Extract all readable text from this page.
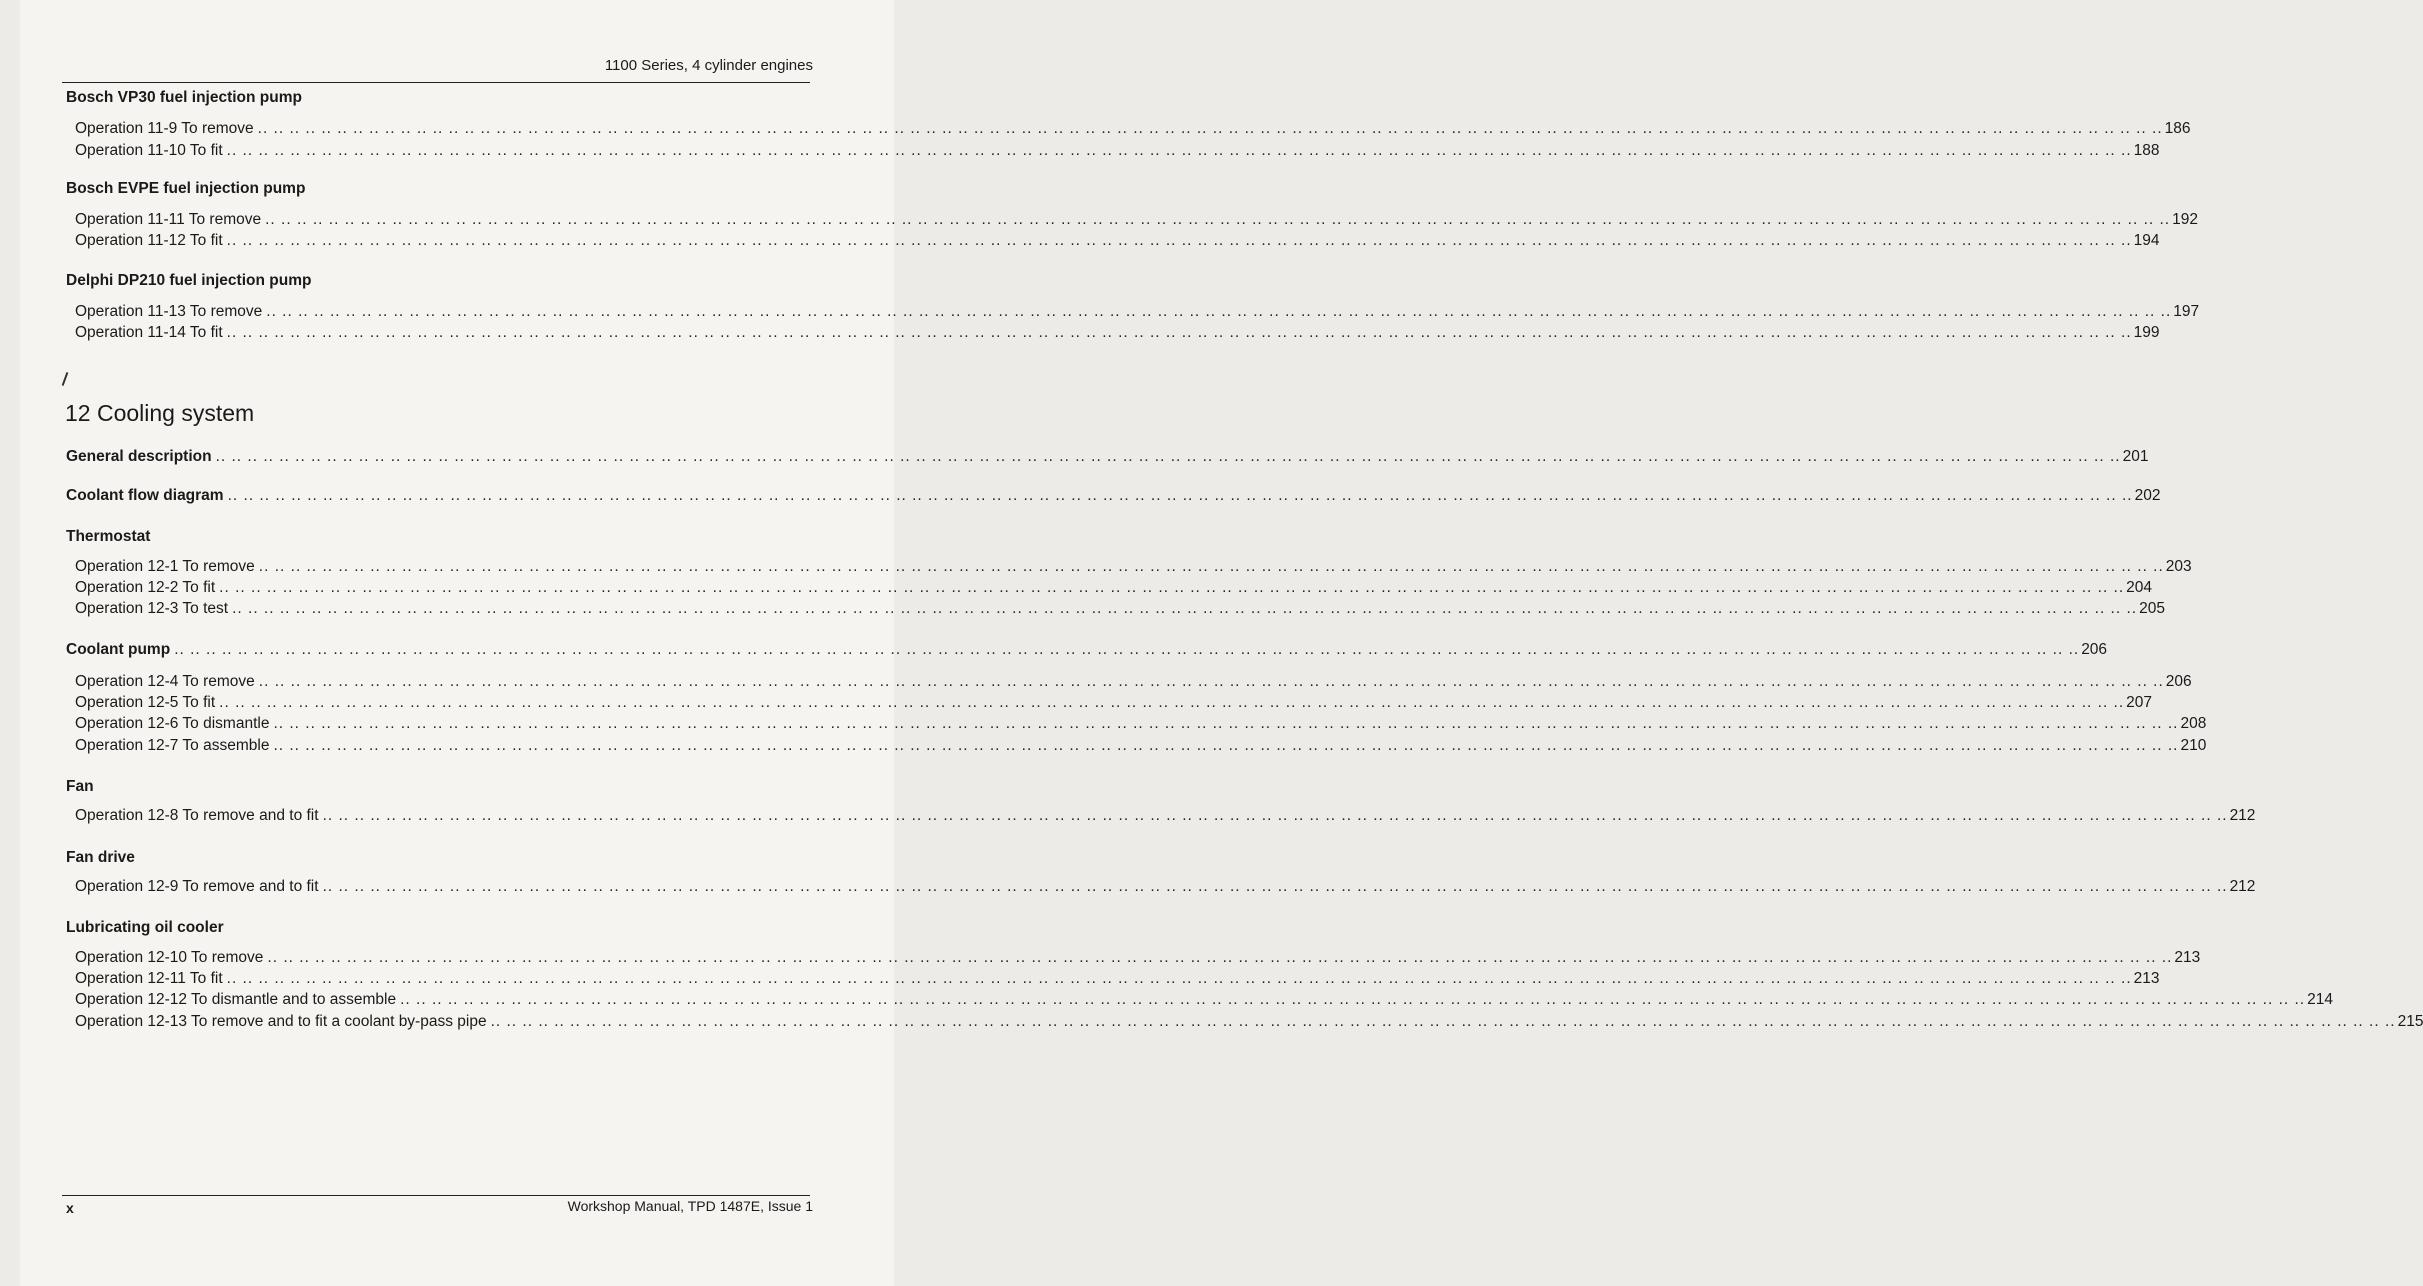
1100 Series, 4 cylinder engines
Bosch VP30 fuel injection pump
Operation 11-9 To remove .. .. .. .. .. .. .. .. .. .. .. .. .. .. .. .. .. .. .. .. .. .. .. .. .. .. .. .. .. .. .. .. .. .. .. .. .. .. .. .. .. .. .. .. .. .. .. .. .. .. .. .. .. .. .. .. .. .. .. .. .. .. .. .. .. .. .. .. .. .. .. .. .. .. .. .. .. .. .. .. .. .. .. .. .. .. .. .. .. .. .. .. .. .. .. .. .. .. .. .. .. .. .. .. .. .. .. .. .. .. .. .. .. .. .. .. .. .. .. .. 186
Operation 11-10 To fit .. .. .. .. .. .. .. .. .. .. .. .. .. .. .. .. .. .. .. .. .. .. .. .. .. .. .. .. .. .. .. .. .. .. .. .. .. .. .. .. .. .. .. .. .. .. .. .. .. .. .. .. .. .. .. .. .. .. .. .. .. .. .. .. .. .. .. .. .. .. .. .. .. .. .. .. .. .. .. .. .. .. .. .. .. .. .. .. .. .. .. .. .. .. .. .. .. .. .. .. .. .. .. .. .. .. .. .. .. .. .. .. .. .. .. .. .. .. .. .. 188
Bosch EVPE fuel injection pump
Operation 11-11 To remove .. .. .. .. .. .. .. .. .. .. .. .. .. .. .. .. .. .. .. .. .. .. .. .. .. .. .. .. .. .. .. .. .. .. .. .. .. .. .. .. .. .. .. .. .. .. .. .. .. .. .. .. .. .. .. .. .. .. .. .. .. .. .. .. .. .. .. .. .. .. .. .. .. .. .. .. .. .. .. .. .. .. .. .. .. .. .. .. .. .. .. .. .. .. .. .. .. .. .. .. .. .. .. .. .. .. .. .. .. .. .. .. .. .. .. .. .. .. .. .. 192
Operation 11-12 To fit .. .. .. .. .. .. .. .. .. .. .. .. .. .. .. .. .. .. .. .. .. .. .. .. .. .. .. .. .. .. .. .. .. .. .. .. .. .. .. .. .. .. .. .. .. .. .. .. .. .. .. .. .. .. .. .. .. .. .. .. .. .. .. .. .. .. .. .. .. .. .. .. .. .. .. .. .. .. .. .. .. .. .. .. .. .. .. .. .. .. .. .. .. .. .. .. .. .. .. .. .. .. .. .. .. .. .. .. .. .. .. .. .. .. .. .. .. .. .. .. 194
Delphi DP210 fuel injection pump
Operation 11-13 To remove .. .. .. .. .. .. .. .. .. .. .. .. .. .. .. .. .. .. .. .. .. .. .. .. .. .. .. .. .. .. .. .. .. .. .. .. .. .. .. .. .. .. .. .. .. .. .. .. .. .. .. .. .. .. .. .. .. .. .. .. .. .. .. .. .. .. .. .. .. .. .. .. .. .. .. .. .. .. .. .. .. .. .. .. .. .. .. .. .. .. .. .. .. .. .. .. .. .. .. .. .. .. .. .. .. .. .. .. .. .. .. .. .. .. .. .. .. .. .. .. 197
Operation 11-14 To fit .. .. .. .. .. .. .. .. .. .. .. .. .. .. .. .. .. .. .. .. .. .. .. .. .. .. .. .. .. .. .. .. .. .. .. .. .. .. .. .. .. .. .. .. .. .. .. .. .. .. .. .. .. .. .. .. .. .. .. .. .. .. .. .. .. .. .. .. .. .. .. .. .. .. .. .. .. .. .. .. .. .. .. .. .. .. .. .. .. .. .. .. .. .. .. .. .. .. .. .. .. .. .. .. .. .. .. .. .. .. .. .. .. .. .. .. .. .. .. .. 199
12 Cooling system
General description .. .. .. .. .. .. .. .. .. .. .. .. .. .. .. .. .. .. .. .. .. .. .. .. .. .. .. .. .. .. .. .. .. .. .. .. .. .. .. .. .. .. .. .. .. .. .. .. .. .. .. .. .. .. .. .. .. .. .. .. .. .. .. .. .. .. .. .. .. .. .. .. .. .. .. .. .. .. .. .. .. .. .. .. .. .. .. .. .. .. .. .. .. .. .. .. .. .. .. .. .. .. .. .. .. .. .. .. .. .. .. .. .. .. .. .. .. .. .. .. 201
Coolant flow diagram .. .. .. .. .. .. .. .. .. .. .. .. .. .. .. .. .. .. .. .. .. .. .. .. .. .. .. .. .. .. .. .. .. .. .. .. .. .. .. .. .. .. .. .. .. .. .. .. .. .. .. .. .. .. .. .. .. .. .. .. .. .. .. .. .. .. .. .. .. .. .. .. .. .. .. .. .. .. .. .. .. .. .. .. .. .. .. .. .. .. .. .. .. .. .. .. .. .. .. .. .. .. .. .. .. .. .. .. .. .. .. .. .. .. .. .. .. .. .. .. 202
Thermostat
Operation 12-1 To remove .. .. .. .. .. .. .. .. .. .. .. .. .. .. .. .. .. .. .. .. .. .. .. .. .. .. .. .. .. .. .. .. .. .. .. .. .. .. .. .. .. .. .. .. .. .. .. .. .. .. .. .. .. .. .. .. .. .. .. .. .. .. .. .. .. .. .. .. .. .. .. .. .. .. .. .. .. .. .. .. .. .. .. .. .. .. .. .. .. .. .. .. .. .. .. .. .. .. .. .. .. .. .. .. .. .. .. .. .. .. .. .. .. .. .. .. .. .. .. .. 203
Operation 12-2 To fit .. .. .. .. .. .. .. .. .. .. .. .. .. .. .. .. .. .. .. .. .. .. .. .. .. .. .. .. .. .. .. .. .. .. .. .. .. .. .. .. .. .. .. .. .. .. .. .. .. .. .. .. .. .. .. .. .. .. .. .. .. .. .. .. .. .. .. .. .. .. .. .. .. .. .. .. .. .. .. .. .. .. .. .. .. .. .. .. .. .. .. .. .. .. .. .. .. .. .. .. .. .. .. .. .. .. .. .. .. .. .. .. .. .. .. .. .. .. .. .. 204
Operation 12-3 To test .. .. .. .. .. .. .. .. .. .. .. .. .. .. .. .. .. .. .. .. .. .. .. .. .. .. .. .. .. .. .. .. .. .. .. .. .. .. .. .. .. .. .. .. .. .. .. .. .. .. .. .. .. .. .. .. .. .. .. .. .. .. .. .. .. .. .. .. .. .. .. .. .. .. .. .. .. .. .. .. .. .. .. .. .. .. .. .. .. .. .. .. .. .. .. .. .. .. .. .. .. .. .. .. .. .. .. .. .. .. .. .. .. .. .. .. .. .. .. .. 205
Coolant pump .. .. .. .. .. .. .. .. .. .. .. .. .. .. .. .. .. .. .. .. .. .. .. .. .. .. .. .. .. .. .. .. .. .. .. .. .. .. .. .. .. .. .. .. .. .. .. .. .. .. .. .. .. .. .. .. .. .. .. .. .. .. .. .. .. .. .. .. .. .. .. .. .. .. .. .. .. .. .. .. .. .. .. .. .. .. .. .. .. .. .. .. .. .. .. .. .. .. .. .. .. .. .. .. .. .. .. .. .. .. .. .. .. .. .. .. .. .. .. .. 206
Operation 12-4 To remove .. .. .. .. .. .. .. .. .. .. .. .. .. .. .. .. .. .. .. .. .. .. .. .. .. .. .. .. .. .. .. .. .. .. .. .. .. .. .. .. .. .. .. .. .. .. .. .. .. .. .. .. .. .. .. .. .. .. .. .. .. .. .. .. .. .. .. .. .. .. .. .. .. .. .. .. .. .. .. .. .. .. .. .. .. .. .. .. .. .. .. .. .. .. .. .. .. .. .. .. .. .. .. .. .. .. .. .. .. .. .. .. .. .. .. .. .. .. .. .. 206
Operation 12-5 To fit .. .. .. .. .. .. .. .. .. .. .. .. .. .. .. .. .. .. .. .. .. .. .. .. .. .. .. .. .. .. .. .. .. .. .. .. .. .. .. .. .. .. .. .. .. .. .. .. .. .. .. .. .. .. .. .. .. .. .. .. .. .. .. .. .. .. .. .. .. .. .. .. .. .. .. .. .. .. .. .. .. .. .. .. .. .. .. .. .. .. .. .. .. .. .. .. .. .. .. .. .. .. .. .. .. .. .. .. .. .. .. .. .. .. .. .. .. .. .. .. 207
Operation 12-6 To dismantle .. .. .. .. .. .. .. .. .. .. .. .. .. .. .. .. .. .. .. .. .. .. .. .. .. .. .. .. .. .. .. .. .. .. .. .. .. .. .. .. .. .. .. .. .. .. .. .. .. .. .. .. .. .. .. .. .. .. .. .. .. .. .. .. .. .. .. .. .. .. .. .. .. .. .. .. .. .. .. .. .. .. .. .. .. .. .. .. .. .. .. .. .. .. .. .. .. .. .. .. .. .. .. .. .. .. .. .. .. .. .. .. .. .. .. .. .. .. .. .. 208
Operation 12-7 To assemble .. .. .. .. .. .. .. .. .. .. .. .. .. .. .. .. .. .. .. .. .. .. .. .. .. .. .. .. .. .. .. .. .. .. .. .. .. .. .. .. .. .. .. .. .. .. .. .. .. .. .. .. .. .. .. .. .. .. .. .. .. .. .. .. .. .. .. .. .. .. .. .. .. .. .. .. .. .. .. .. .. .. .. .. .. .. .. .. .. .. .. .. .. .. .. .. .. .. .. .. .. .. .. .. .. .. .. .. .. .. .. .. .. .. .. .. .. .. .. .. 210
Fan
Operation 12-8 To remove and to fit .. .. .. .. .. .. .. .. .. .. .. .. .. .. .. .. .. .. .. .. .. .. .. .. .. .. .. .. .. .. .. .. .. .. .. .. .. .. .. .. .. .. .. .. .. .. .. .. .. .. .. .. .. .. .. .. .. .. .. .. .. .. .. .. .. .. .. .. .. .. .. .. .. .. .. .. .. .. .. .. .. .. .. .. .. .. .. .. .. .. .. .. .. .. .. .. .. .. .. .. .. .. .. .. .. .. .. .. .. .. .. .. .. .. .. .. .. .. .. .. 212
Fan drive
Operation 12-9 To remove and to fit .. .. .. .. .. .. .. .. .. .. .. .. .. .. .. .. .. .. .. .. .. .. .. .. .. .. .. .. .. .. .. .. .. .. .. .. .. .. .. .. .. .. .. .. .. .. .. .. .. .. .. .. .. .. .. .. .. .. .. .. .. .. .. .. .. .. .. .. .. .. .. .. .. .. .. .. .. .. .. .. .. .. .. .. .. .. .. .. .. .. .. .. .. .. .. .. .. .. .. .. .. .. .. .. .. .. .. .. .. .. .. .. .. .. .. .. .. .. .. .. 212
Lubricating oil cooler
Operation 12-10 To remove .. .. .. .. .. .. .. .. .. .. .. .. .. .. .. .. .. .. .. .. .. .. .. .. .. .. .. .. .. .. .. .. .. .. .. .. .. .. .. .. .. .. .. .. .. .. .. .. .. .. .. .. .. .. .. .. .. .. .. .. .. .. .. .. .. .. .. .. .. .. .. .. .. .. .. .. .. .. .. .. .. .. .. .. .. .. .. .. .. .. .. .. .. .. .. .. .. .. .. .. .. .. .. .. .. .. .. .. .. .. .. .. .. .. .. .. .. .. .. .. 213
Operation 12-11 To fit .. .. .. .. .. .. .. .. .. .. .. .. .. .. .. .. .. .. .. .. .. .. .. .. .. .. .. .. .. .. .. .. .. .. .. .. .. .. .. .. .. .. .. .. .. .. .. .. .. .. .. .. .. .. .. .. .. .. .. .. .. .. .. .. .. .. .. .. .. .. .. .. .. .. .. .. .. .. .. .. .. .. .. .. .. .. .. .. .. .. .. .. .. .. .. .. .. .. .. .. .. .. .. .. .. .. .. .. .. .. .. .. .. .. .. .. .. .. .. .. 213
Operation 12-12 To dismantle and to assemble .. .. .. .. .. .. .. .. .. .. .. .. .. .. .. .. .. .. .. .. .. .. .. .. .. .. .. .. .. .. .. .. .. .. .. .. .. .. .. .. .. .. .. .. .. .. .. .. .. .. .. .. .. .. .. .. .. .. .. .. .. .. .. .. .. .. .. .. .. .. .. .. .. .. .. .. .. .. .. .. .. .. .. .. .. .. .. .. .. .. .. .. .. .. .. .. .. .. .. .. .. .. .. .. .. .. .. .. .. .. .. .. .. .. .. .. .. .. .. .. 214
Operation 12-13 To remove and to fit a coolant by-pass pipe .. .. .. .. .. .. .. .. .. .. .. .. .. .. .. .. .. .. .. .. .. .. .. .. .. .. .. .. .. .. .. .. .. .. .. .. .. .. .. .. .. .. .. .. .. .. .. .. .. .. .. .. .. .. .. .. .. .. .. .. .. .. .. .. .. .. .. .. .. .. .. .. .. .. .. .. .. .. .. .. .. .. .. .. .. .. .. .. .. .. .. .. .. .. .. .. .. .. .. .. .. .. .. .. .. .. .. .. .. .. .. .. .. .. .. .. .. .. .. .. 215
x	Workshop Manual, TPD 1487E, Issue 1
